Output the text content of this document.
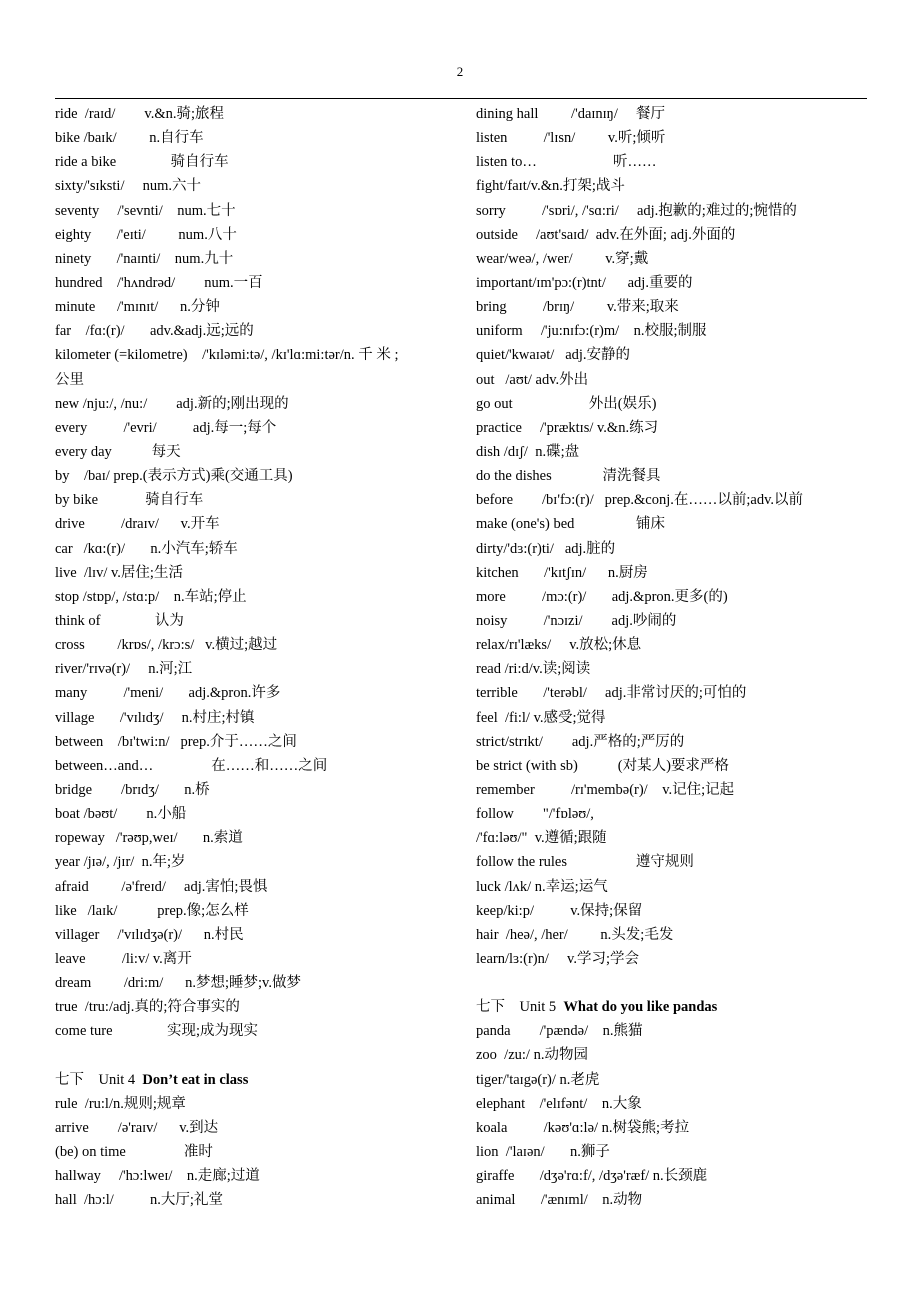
2
ride  /raɪd/        v.&n.骑;旅程
bike /baɪk/         n.自行车
ride a bike               骑自行车
sixty/'sɪksti/     num.六十
seventy     /'sevnti/    num.七十
eighty       /'eɪti/         num.八十
ninety       /'naɪnti/    num.九十
hundred    /'hʌndrəd/        num.一百
minute      /'mɪnɪt/      n.分钟
far    /fɑ:(r)/       adv.&adj.远;远的
kilometer (=kilometre)    /'kɪləmi:tə/, /kɪ'lɑ:mi:tər/n. 千 米 ;
公里
new /nju:/, /nu:/        adj.新的;刚出现的
every          /'evri/          adj.每一;每个
every day           每天
by    /baɪ/ prep.(表示方式)乘(交通工具)
by bike             骑自行车
drive          /draɪv/      v.开车
car   /kɑ:(r)/       n.小汽车;轿车
live  /lɪv/ v.居住;生活
stop /stɒp/, /stɑ:p/    n.车站;停止
think of               认为
cross         /krɒs/, /krɔ:s/   v.横过;越过
river/'rɪvə(r)/     n.河;江
many          /'meni/       adj.&pron.许多
village       /'vɪlɪdʒ/     n.村庄;村镇
between    /bɪ'twi:n/   prep.介于……之间
between…and…                在……和……之间
bridge        /brɪdʒ/       n.桥
boat /bəʊt/        n.小船
ropeway   /'rəʊp,weɪ/       n.索道
year /jɪə/, /jɪr/  n.年;岁
afraid         /ə'freɪd/     adj.害怕;畏惧
like   /laɪk/           prep.像;怎么样
villager     /'vɪlɪdʒə(r)/      n.村民
leave          /li:v/ v.离开
dream         /dri:m/      n.梦想;睡梦;v.做梦
true  /tru:/adj.真的;符合事实的
come ture               实现;成为现实
七下    Unit 4  Don’t eat in class
rule  /ru:l/n.规则;规章
arrive        /ə'raɪv/      v.到达
(be) on time                准时
hallway     /'hɔ:lweɪ/    n.走廊;过道
hall  /hɔ:l/          n.大厅;礼堂
dining hall         /'daɪnɪŋ/     餐厅
listen          /'lɪsn/         v.听;倾听
listen to…                     听……
fight/faɪt/v.&n.打架;战斗
sorry          /'sɒri/, /'sɑ:ri/     adj.抱歉的;难过的;惋惜的
outside     /aʊt'saɪd/  adv.在外面; adj.外面的
wear/weə/, /wer/         v.穿;戴
important/ɪm'pɔ:(r)tnt/      adj.重要的
bring          /brɪŋ/         v.带来;取来
uniform     /'ju:nɪfɔ:(r)m/    n.校服;制服
quiet/'kwaɪət/   adj.安静的
out   /aʊt/ adv.外出
go out                     外出(娱乐)
practice     /'præktɪs/ v.&n.练习
dish /dɪʃ/  n.碟;盘
do the dishes              清洗餐具
before        /bɪ'fɔ:(r)/   prep.&conj.在……以前;adv.以前
make (one's) bed                 铺床
dirty/'dɜ:(r)ti/   adj.脏的
kitchen       /'kɪtʃɪn/      n.厨房
more          /mɔ:(r)/       adj.&pron.更多(的)
noisy          /'nɔɪzi/        adj.吵闹的
relax/rɪ'læks/     v.放松;休息
read /ri:d/v.读;阅读
terrible       /'terəbl/     adj.非常讨厌的;可怕的
feel  /fi:l/ v.感受;觉得
strict/strɪkt/        adj.严格的;严厉的
be strict (with sb)           (对某人)要求严格
remember          /rɪ'membə(r)/    v.记住;记起
follow        "/'fɒləʊ/,
/'fɑ:ləʊ/"  v.遵循;跟随
follow the rules                   遵守规则
luck /lʌk/ n.幸运;运气
keep/ki:p/          v.保持;保留
hair  /heə/, /her/         n.头发;毛发
learn/lɜ:(r)n/     v.学习;学会
七下    Unit 5  What do you like pandas
panda        /'pændə/    n.熊猫
zoo  /zu:/ n.动物园
tiger/'taɪgə(r)/ n.老虎
elephant    /'elɪfənt/    n.大象
koala          /kəʊ'ɑ:lə/ n.树袋熊;考拉
lion  /'laɪən/       n.狮子
giraffe       /dʒə'rɑ:f/, /dʒə'ræf/ n.长颈鹿
animal       /'ænɪml/    n.动物
